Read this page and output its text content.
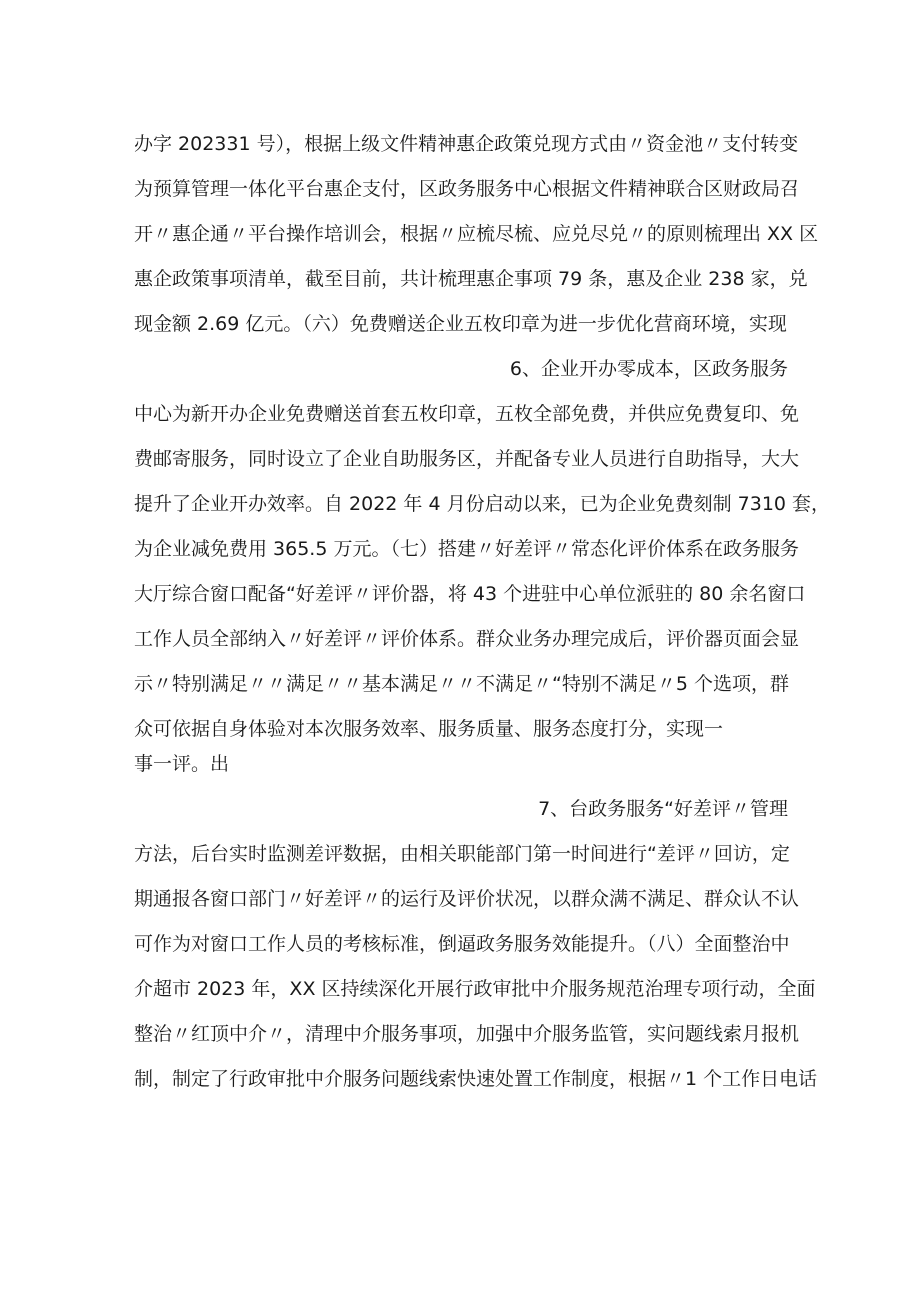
办字 202331 号），根据上级文件精神惠企政策兑现方式由〃资金池〃支付转变
为预算管理一体化平台惠企支付，区政务服务中心根据文件精神联合区财政局召
开〃惠企通〃平台操作培训会，根据〃应梳尽梳、应兑尽兑〃的原则梳理出 XX 区
惠企政策事项清单，截至目前，共计梳理惠企事项 79 条，惠及企业 238 家，兑
现金额 2.69 亿元。（六）免费赠送企业五枚印章为进一步优化营商环境，实现
6、企业开办零成本，区政务服务
中心为新开办企业免费赠送首套五枚印章，五枚全部免费，并供应免费复印、免
费邮寄服务，同时设立了企业自助服务区，并配备专业人员进行自助指导，大大
提升了企业开办效率。自 2022 年 4 月份启动以来，已为企业免费刻制 7310 套，
为企业减免费用 365.5 万元。（七）搭建〃好差评〃常态化评价体系在政务服务
大厅综合窗口配备“好差评〃评价器，将 43 个进驻中心单位派驻的 80 余名窗口
工作人员全部纳入〃好差评〃评价体系。群众业务办理完成后，评价器页面会显
示〃特别满足〃〃满足〃〃基本满足〃〃不满足〃“特别不满足〃5 个选项，群
众可依据自身体验对本次服务效率、服务质量、服务态度打分，实现一
事一评。出
7、台政务服务“好差评〃管理
方法，后台实时监测差评数据，由相关职能部门第一时间进行“差评〃回访，定
期通报各窗口部门〃好差评〃的运行及评价状况，以群众满不满足、群众认不认
可作为对窗口工作人员的考核标准，倒逼政务服务效能提升。（八）全面整治中
介超市 2023 年，XX 区持续深化开展行政审批中介服务规范治理专项行动，全面
整治〃红顶中介〃，清理中介服务事项，加强中介服务监管，实问题线索月报机
制，制定了行政审批中介服务问题线索快速处置工作制度，根据〃1 个工作日电话
